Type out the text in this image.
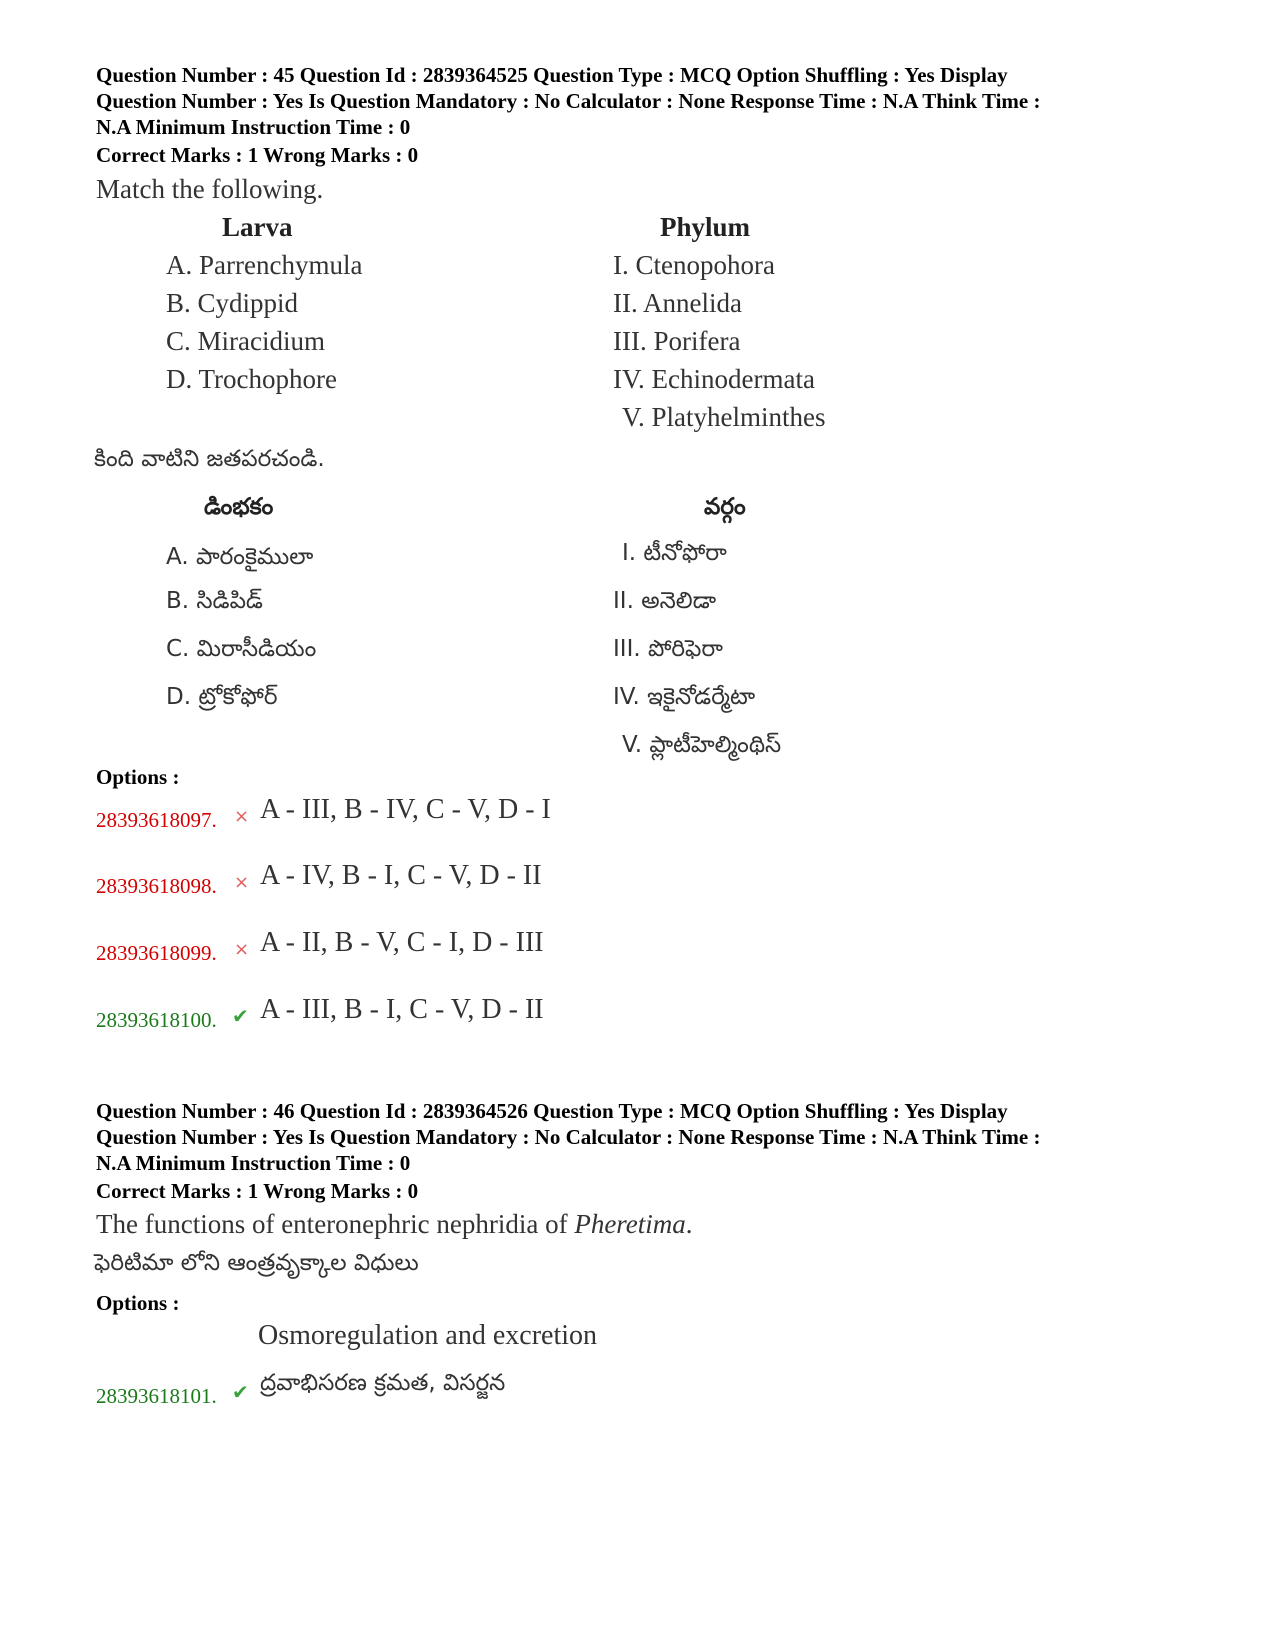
Question Number : 45 Question Id : 2839364525 Question Type : MCQ Option Shuffling : Yes Display
Question Number : Yes Is Question Mandatory : No Calculator : None Response Time : N.A Think Time :
N.A Minimum Instruction Time : 0
Correct Marks : 1 Wrong Marks : 0
Match the following.
Larva	Phylum
A. Parrenchymula
B. Cydippid
C. Miracidium
D. Trochophore
I. Ctenopohora
II. Annelida
III. Porifera
IV. Echinodermata
V. Platyhelminthes
కింది వాటిని జతపరచండి.
డింభకం	వర్గం
A. పారంకైములా
B. సిడిపిడ్
C. మిరాసీడియం
D. ట్రోకోఫోర్
I. టీనోఫోరా
II. అనెలిడా
III. పోరిఫెరా
IV. ఇకైనోడర్మేటా
V. ప్లాటీహెల్మింథిస్
Options :
28393618097. × A - III, B - IV, C - V, D - I
28393618098. × A - IV, B - I, C - V, D - II
28393618099. × A - II, B - V, C - I, D - III
28393618100. ✔ A - III, B - I, C - V, D - II
Question Number : 46 Question Id : 2839364526 Question Type : MCQ Option Shuffling : Yes Display
Question Number : Yes Is Question Mandatory : No Calculator : None Response Time : N.A Think Time :
N.A Minimum Instruction Time : 0
Correct Marks : 1 Wrong Marks : 0
The functions of enteronephric nephridia of Pheretima.
ఫెరిటిమా లోని ఆంత్రవృక్కాల విధులు
Options :
Osmoregulation and excretion
28393618101. ✔ ద్రవాభిసరణ క్రమత, విసర్జన
